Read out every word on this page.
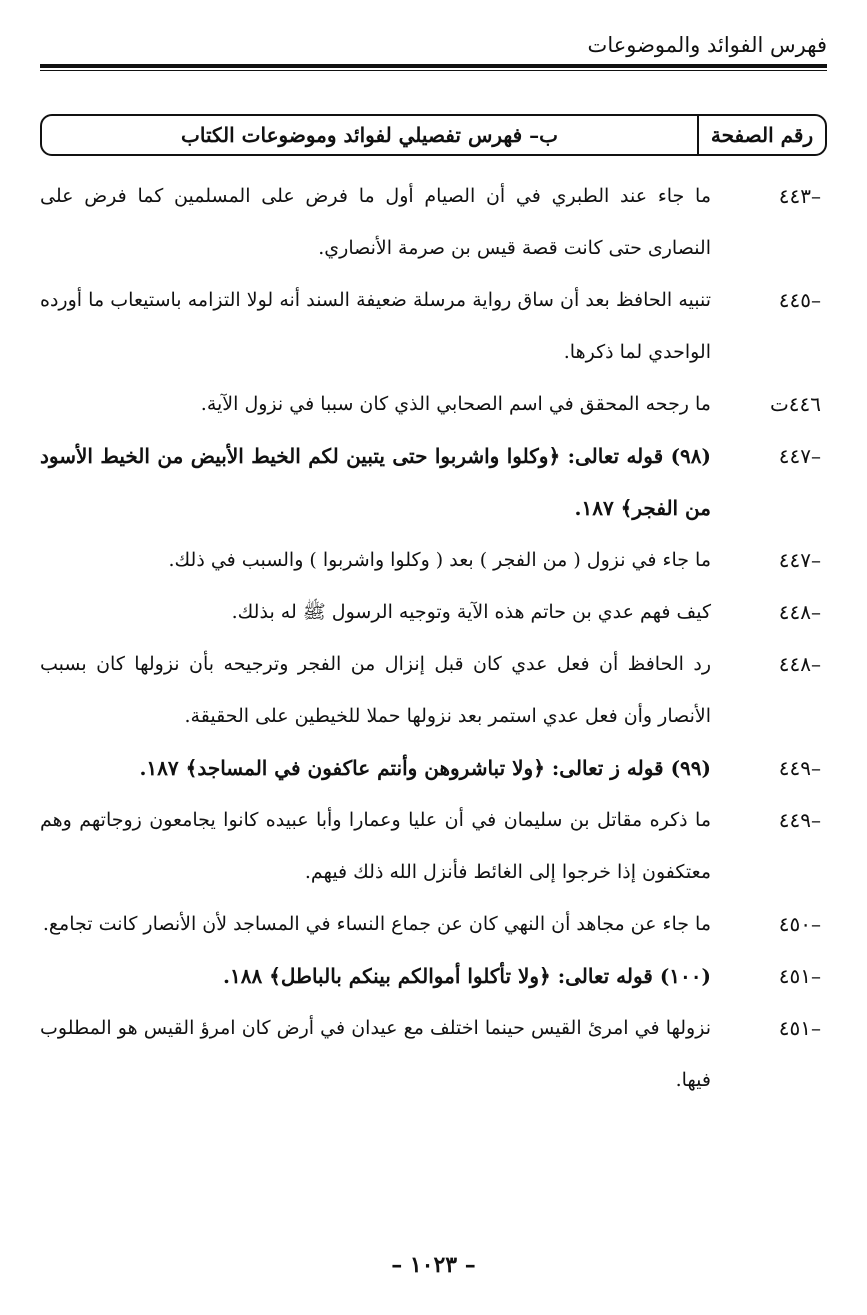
فهرس الفوائد والموضوعات
رقم الصفحة
ب– فهرس تفصيلي لفوائد وموضوعات الكتاب
–٤٤٣
ما جاء عند الطبري في أن الصيام أول ما فرض على المسلمين كما فرض على النصارى حتى كانت قصة قيس بن صرمة الأنصاري.
–٤٤٥
تنبيه الحافظ بعد أن ساق رواية مرسلة ضعيفة السند أنه لولا التزامه باستيعاب ما أورده الواحدي لما ذكرها.
٤٤٦ت
ما رجحه المحقق في اسم الصحابي الذي كان سببا في نزول الآية.
–٤٤٧
(٩٨) قوله تعالى: ﴿وكلوا واشربوا حتى يتبين لكم الخيط الأبيض من الخيط الأسود من الفجر﴾ ١٨٧.
–٤٤٧
ما جاء في نزول ( من الفجر ) بعد ( وكلوا واشربوا ) والسبب في ذلك.
–٤٤٨
كيف فهم عدي بن حاتم هذه الآية وتوجيه الرسول ﷺ له بذلك.
–٤٤٨
رد الحافظ أن فعل عدي كان قبل إنزال من الفجر وترجيحه بأن نزولها كان بسبب الأنصار وأن فعل عدي استمر بعد نزولها حملا للخيطين على الحقيقة.
–٤٤٩
(٩٩) قوله ز تعالى: ﴿ولا تباشروهن وأنتم عاكفون في المساجد﴾ ١٨٧.
–٤٤٩
ما ذكره مقاتل بن سليمان في أن عليا وعمارا وأبا عبيده كانوا يجامعون زوجاتهم وهم معتكفون إذا خرجوا إلى الغائط فأنزل الله ذلك فيهم.
–٤٥٠
ما جاء عن مجاهد أن النهي كان عن جماع النساء في المساجد لأن الأنصار كانت تجامع.
–٤٥١
(١٠٠) قوله تعالى: ﴿ولا تأكلوا أموالكم بينكم بالباطل﴾ ١٨٨.
–٤٥١
نزولها في امرئ القيس حينما اختلف مع عيدان في أرض كان امرؤ القيس هو المطلوب فيها.
– ١٠٢٣ –
